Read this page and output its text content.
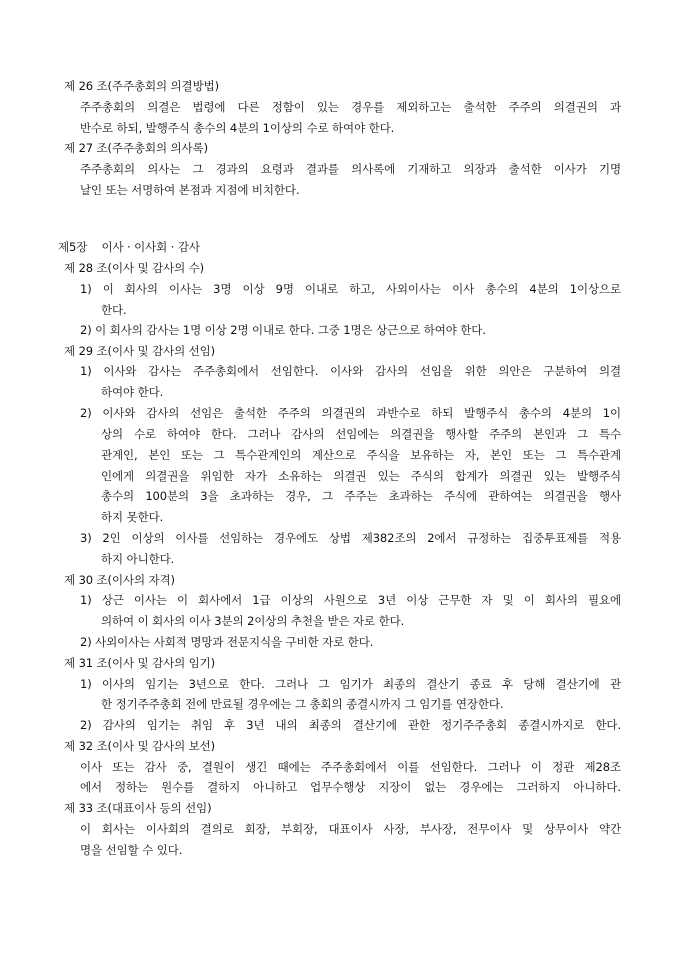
제 26 조(주주총회의 의결방법)
주주총회의 의결은 법령에 다른 정함이 있는 경우를 제외하고는 출석한 주주의 의결권의 과
반수로 하되, 발행주식 총수의 4분의 1이상의 수로 하여야 한다.
제 27 조(주주총회의 의사록)
주주총회의 의사는 그 경과의 요령과 결과를 의사록에 기재하고 의장과 출석한 이사가 기명
날인 또는 서명하여 본점과 지점에 비치한다.
제5장    이사 · 이사회 · 감사
제 28 조(이사 및 감사의 수)
1) 이 회사의 이사는 3명 이상 9명 이내로 하고, 사외이사는 이사 총수의 4분의 1이상으로
한다.
2) 이 회사의 감사는 1명 이상 2명 이내로 한다. 그중 1명은 상근으로 하여야 한다.
제 29 조(이사 및 감사의 선임)
1) 이사와 감사는 주주총회에서 선임한다. 이사와 감사의 선임을 위한 의안은 구분하여 의결
하여야 한다.
2) 이사와 감사의 선임은 출석한 주주의 의결권의 과반수로 하되 발행주식 총수의 4분의 1이
상의 수로 하여야 한다. 그러나 감사의 선임에는 의결권을 행사할 주주의 본인과 그 특수
관계인, 본인 또는 그 특수관계인의 계산으로 주식을 보유하는 자, 본인 또는 그 특수관계
인에게 의결권을 위임한 자가 소유하는 의결권 있는 주식의 합계가 의결권 있는 발행주식
총수의 100분의 3을 초과하는 경우, 그 주주는 초과하는 주식에 관하여는 의결권을 행사
하지 못한다.
3) 2인 이상의 이사를 선임하는 경우에도 상법 제382조의 2에서 규정하는 집중투표제를 적용
하지 아니한다.
제 30 조(이사의 자격)
1) 상근 이사는 이 회사에서 1급 이상의 사원으로 3년 이상 근무한 자 및 이 회사의 필요에
의하여 이 회사의 이사 3분의 2이상의 추천을 받은 자로 한다.
2) 사외이사는 사회적 명망과 전문지식을 구비한 자로 한다.
제 31 조(이사 및 감사의 임기)
1) 이사의 임기는 3년으로 한다. 그러나 그 임기가 최종의 결산기 종료 후 당해 결산기에 관
한 정기주주총회 전에 만료될 경우에는 그 총회의 종결시까지 그 임기를 연장한다.
2) 감사의 임기는 취임 후 3년 내의 최종의 결산기에 관한 정기주주총회 종결시까지로 한다.
제 32 조(이사 및 감사의 보선)
이사 또는 감사 중, 결원이 생긴 때에는 주주총회에서 이를 선임한다. 그러나 이 정관 제28조
에서 정하는 원수를 결하지 아니하고 업무수행상 지장이 없는 경우에는 그러하지 아니하다.
제 33 조(대표이사 등의 선임)
이 회사는 이사회의 결의로 회장, 부회장, 대표이사 사장, 부사장, 전무이사 및 상무이사 약간
명을 선임할 수 있다.
